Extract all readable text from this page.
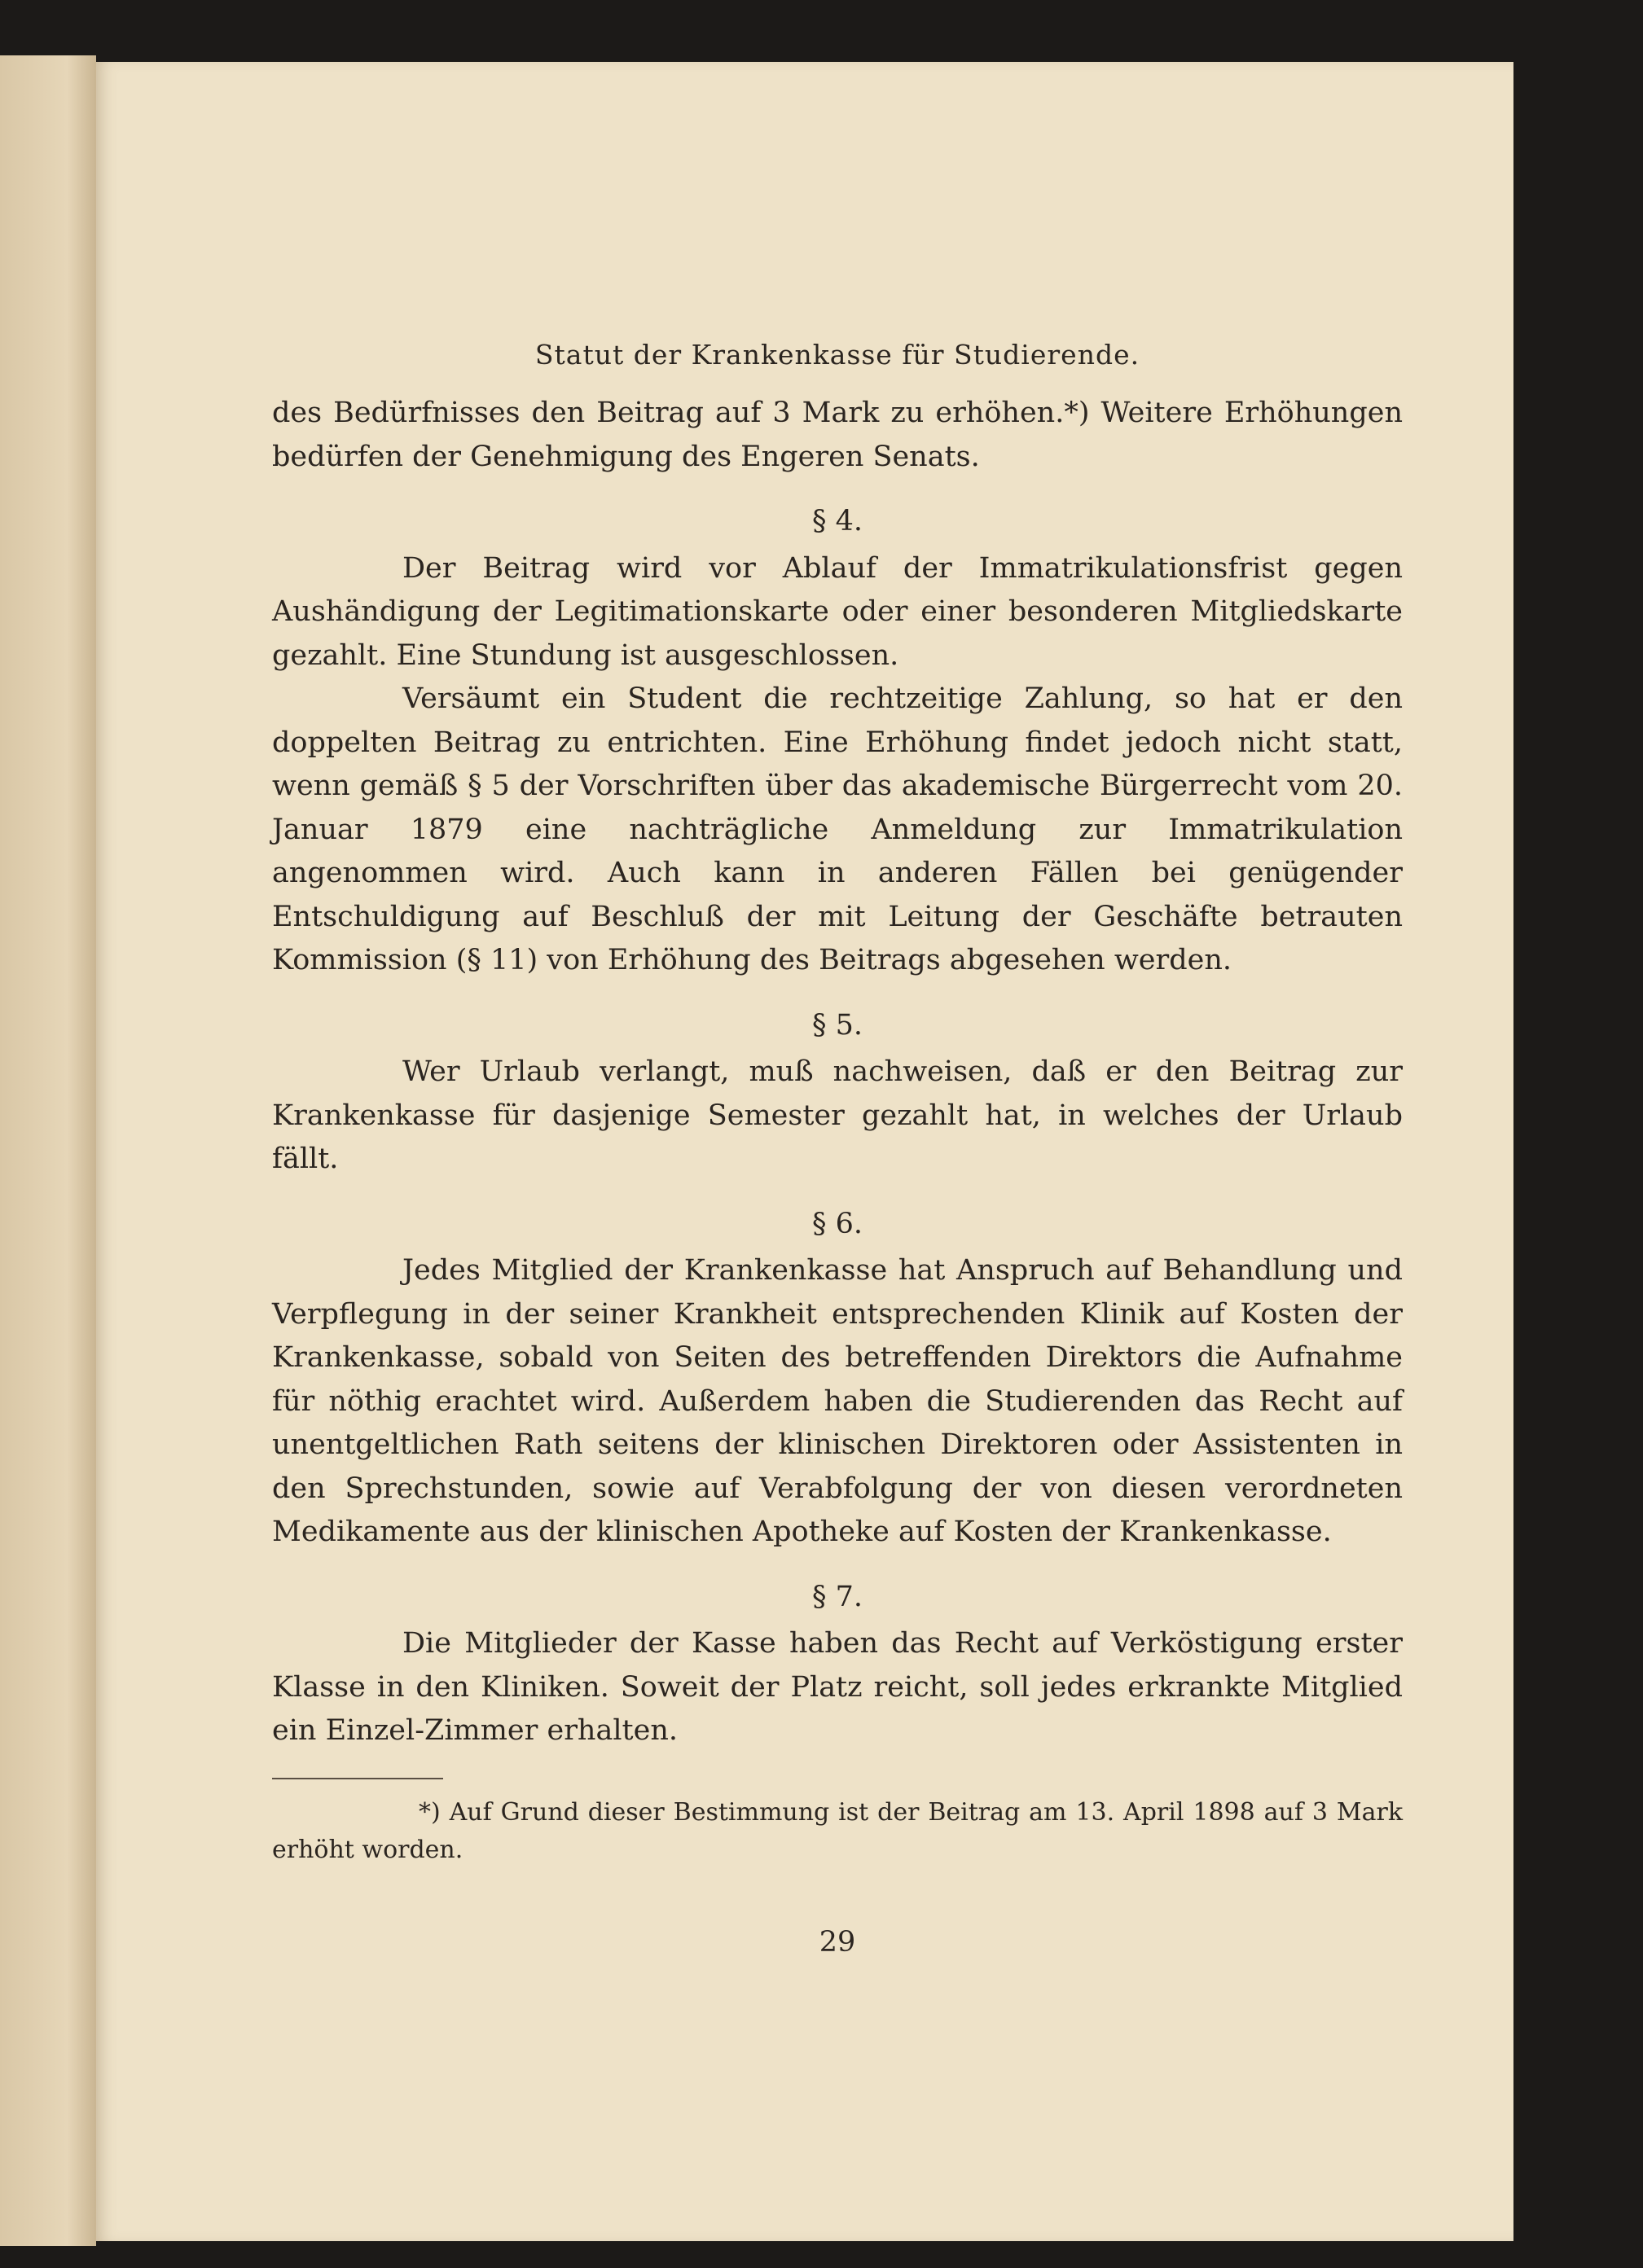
Statut der Krankenkasse für Studierende.

des Bedürfnisses den Beitrag auf 3 Mark zu erhöhen.*) Weitere Erhöhungen bedürfen der Genehmigung des Engeren Senats.

§ 4.

Der Beitrag wird vor Ablauf der Immatrikulationsfrist gegen Aushändigung der Legitimationskarte oder einer besonderen Mitgliedskarte gezahlt. Eine Stundung ist ausgeschlossen.

Versäumt ein Student die rechtzeitige Zahlung, so hat er den doppelten Beitrag zu entrichten. Eine Erhöhung findet jedoch nicht statt, wenn gemäß § 5 der Vorschriften über das akademische Bürgerrecht vom 20. Januar 1879 eine nachträgliche Anmeldung zur Immatrikulation angenommen wird. Auch kann in anderen Fällen bei genügender Entschuldigung auf Beschluß der mit Leitung der Geschäfte betrauten Kommission (§ 11) von Erhöhung des Beitrags abgesehen werden.

§ 5.

Wer Urlaub verlangt, muß nachweisen, daß er den Beitrag zur Krankenkasse für dasjenige Semester gezahlt hat, in welches der Urlaub fällt.

§ 6.

Jedes Mitglied der Krankenkasse hat Anspruch auf Behandlung und Verpflegung in der seiner Krankheit entsprechenden Klinik auf Kosten der Krankenkasse, sobald von Seiten des betreffenden Direktors die Aufnahme für nöthig erachtet wird. Außerdem haben die Studierenden das Recht auf unentgeltlichen Rath seitens der klinischen Direktoren oder Assistenten in den Sprechstunden, sowie auf Verabfolgung der von diesen verordneten Medikamente aus der klinischen Apotheke auf Kosten der Krankenkasse.

§ 7.

Die Mitglieder der Kasse haben das Recht auf Verköstigung erster Klasse in den Kliniken. Soweit der Platz reicht, soll jedes erkrankte Mitglied ein Einzel-Zimmer erhalten.

*) Auf Grund dieser Bestimmung ist der Beitrag am 13. April 1898 auf 3 Mark erhöht worden.
29
